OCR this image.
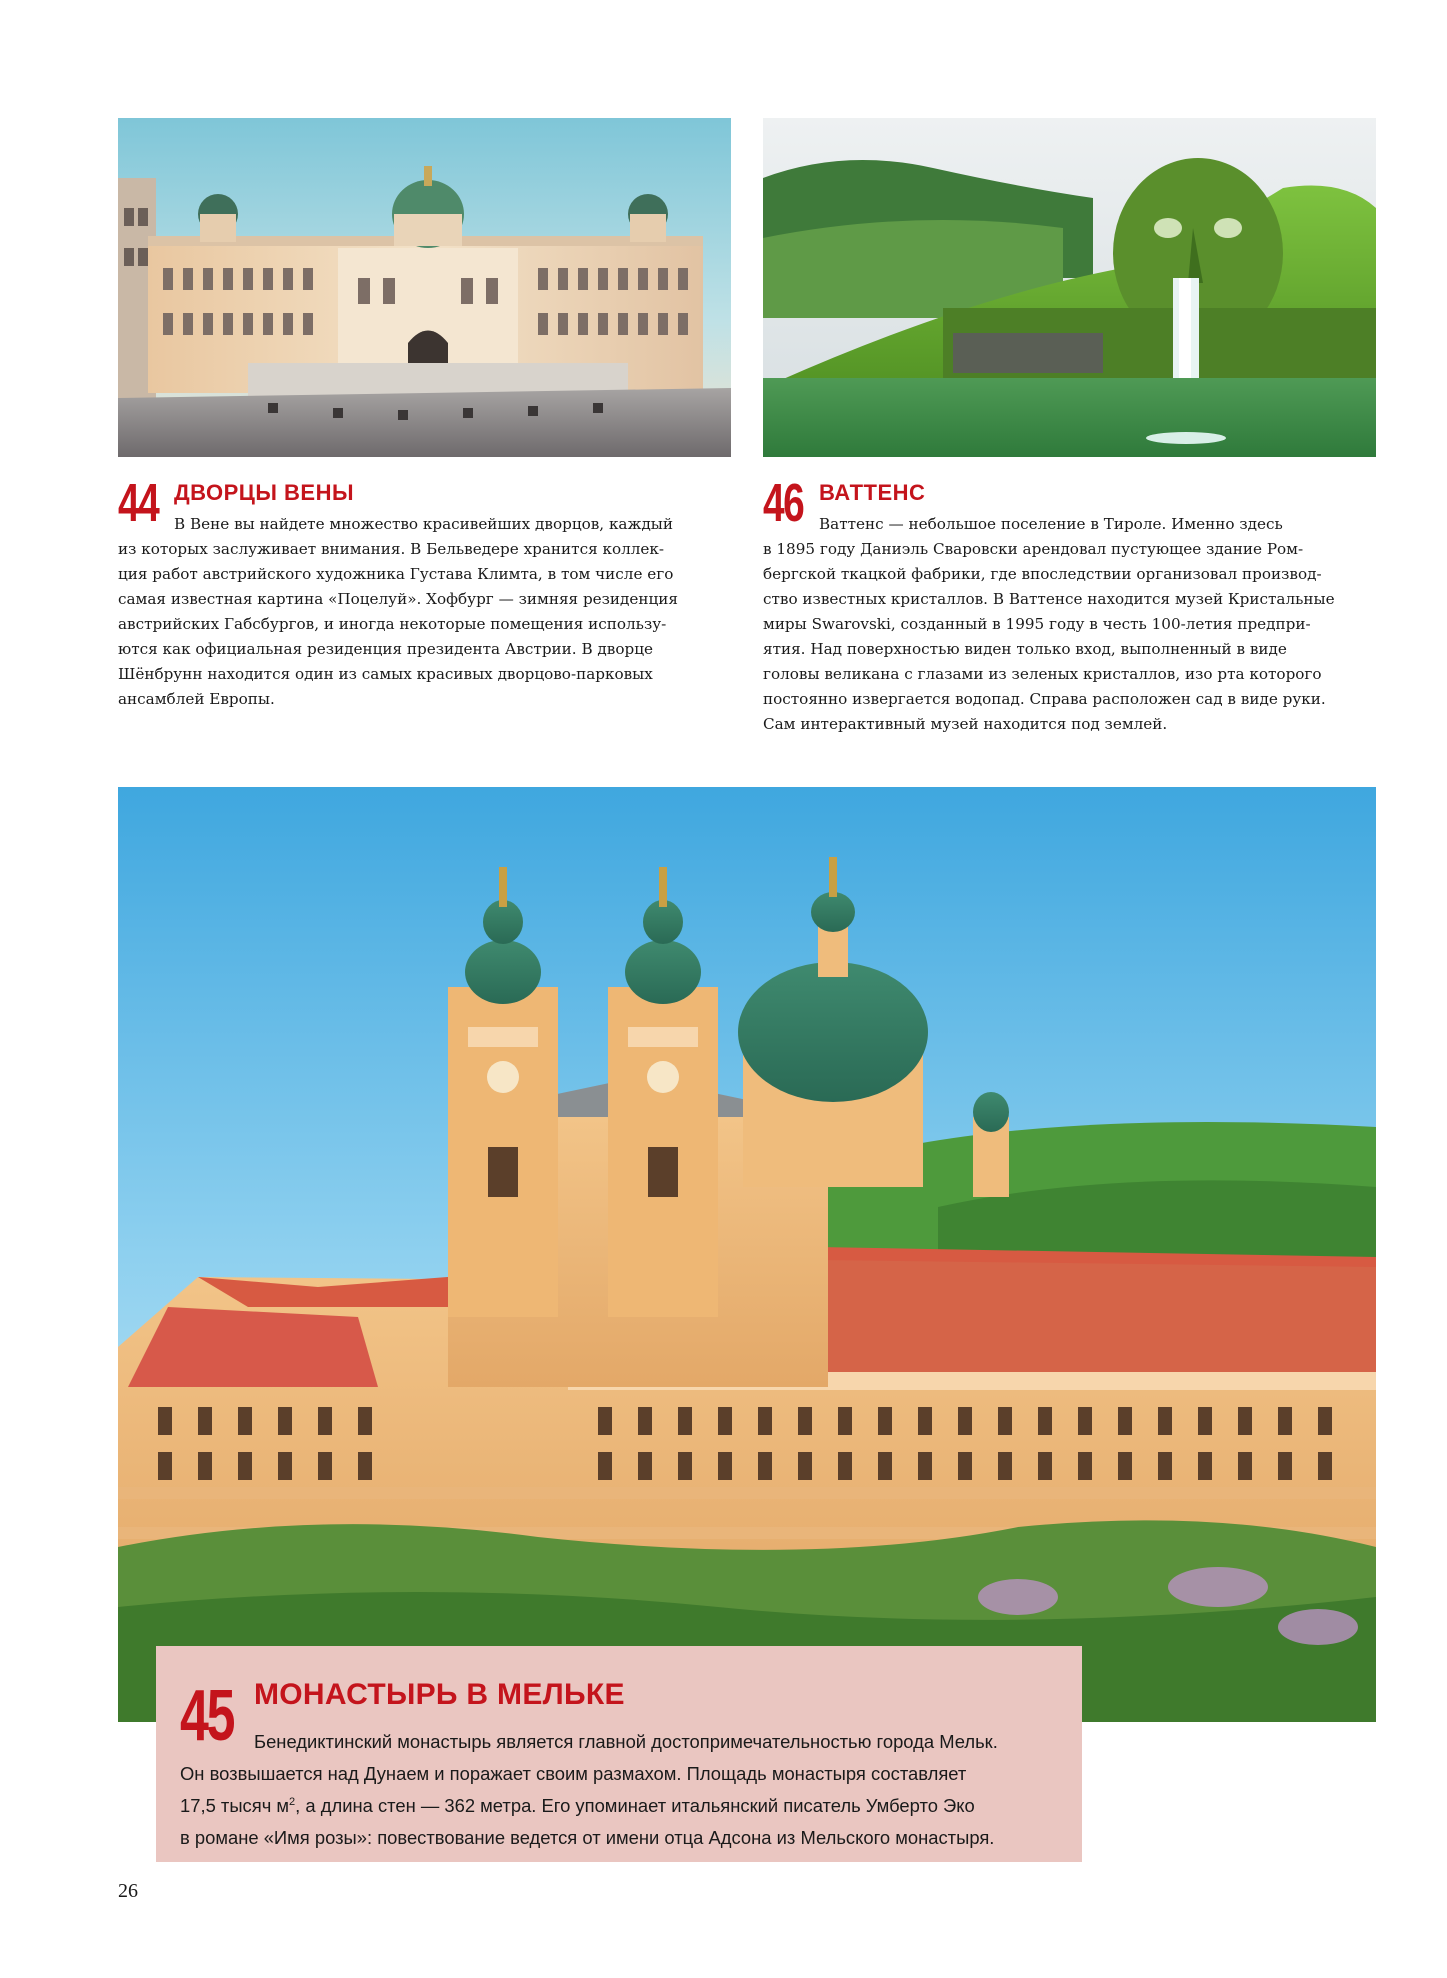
44 ДВОРЦЫ ВЕНЫ
В Вене вы найдете множество красивейших дворцов, каждый
из которых заслуживает внимания. В Бельведере хранится коллек-
ция работ австрийского художника Густава Климта, в том числе его
самая известная картина «Поцелуй». Хофбург — зимняя резиденция
австрийских Габсбургов, и иногда некоторые помещения использу-
ются как официальная резиденция президента Австрии. В дворце
Шёнбрунн находится один из самых красивых дворцово-парковых
ансамблей Европы.
46 ВАТТЕНС
Ваттенс — небольшое поселение в Тироле. Именно здесь
в 1895 году Даниэль Сваровски арендовал пустующее здание Ром-
бергской ткацкой фабрики, где впоследствии организовал производ-
ство известных кристаллов. В Ваттенсе находится музей Кристальные
миры Swarovski, созданный в 1995 году в честь 100-летия предпри-
ятия. Над поверхностью виден только вход, выполненный в виде
головы великана с глазами из зеленых кристаллов, изо рта которого
постоянно извергается водопад. Справа расположен сад в виде руки.
Сам интерактивный музей находится под землей.
45 МОНАСТЫРЬ В МЕЛЬКЕ
Бенедиктинский монастырь является главной достопримечательностью города Мельк.
Он возвышается над Дунаем и поражает своим размахом. Площадь монастыря составляет
17,5 тысяч $м^2$, а длина стен — 362 метра. Его упоминает итальянский писатель Умберто Эко
в романе «Имя розы»: повествование ведется от имени отца Адсона из Мельского монастыря.
26
